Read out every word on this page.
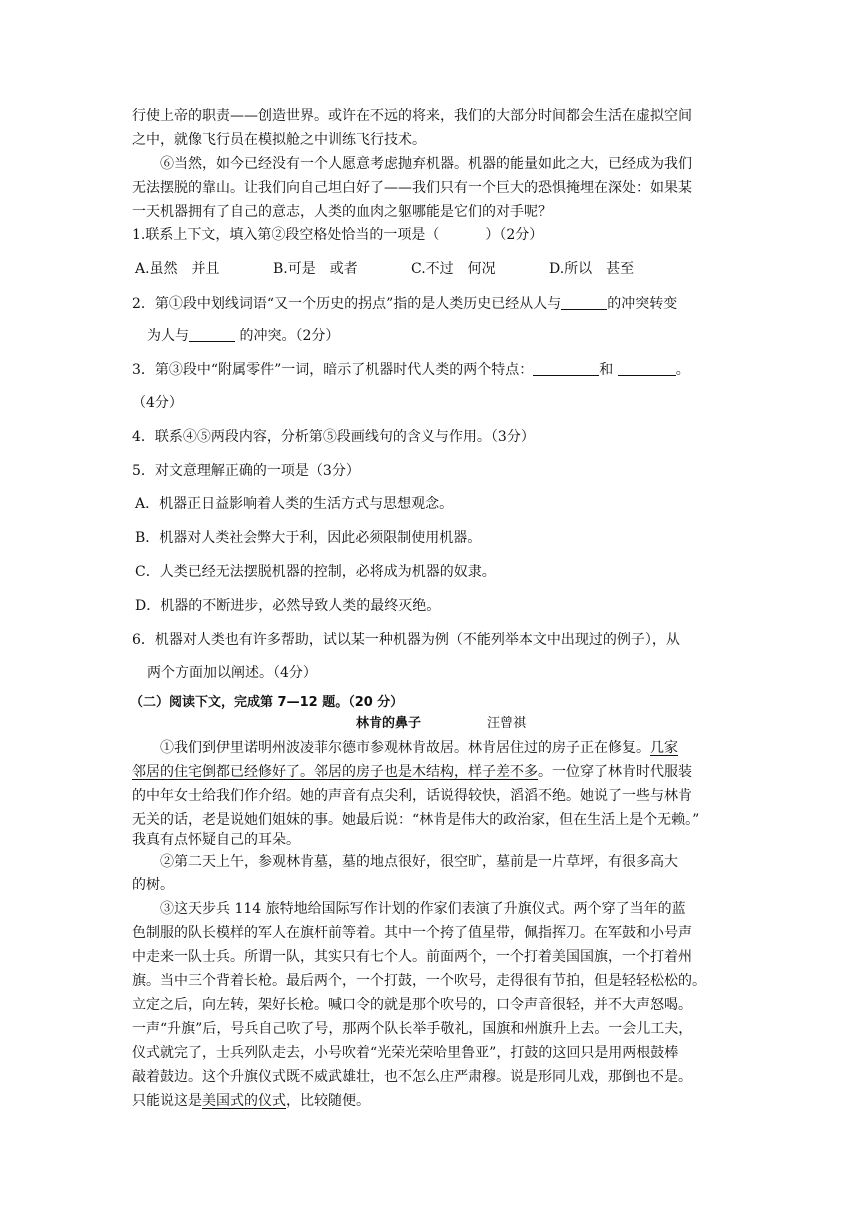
行使上帝的职责——创造世界。或许在不远的将来，我们的大部分时间都会生活在虚拟空间
之中，就像飞行员在模拟舱之中训练飞行技术。
⑥当然，如今已经没有一个人愿意考虑抛弃机器。机器的能量如此之大，已经成为我们
无法摆脱的靠山。让我们向自己坦白好了——我们只有一个巨大的恐惧掩埋在深处：如果某
一天机器拥有了自己的意志，人类的血肉之躯哪能是它们的对手呢？
1.联系上下文，填入第②段空格处恰当的一项是（	）（2分）
A.虽然　并且	B.可是　或者	C.不过　何况	D.所以　甚至
2．第①段中划线词语“又一个历史的拐点”指的是人类历史已经从人与	的冲突转变
为人与	的冲突。（2分）
3．第③段中“附属零件”一词，暗示了机器时代人类的两个特点：	和	。
（4分）
4．联系④⑤两段内容，分析第⑤段画线句的含义与作用。（3分）
5．对文意理解正确的一项是（3分）
A．机器正日益影响着人类的生活方式与思想观念。
B．机器对人类社会弊大于利，因此必须限制使用机器。
C．人类已经无法摆脱机器的控制，必将成为机器的奴隶。
D．机器的不断进步，必然导致人类的最终灭绝。
6．机器对人类也有许多帮助，试以某一种机器为例（不能列举本文中出现过的例子），从
两个方面加以阐述。（4分）
（二）阅读下文，完成第 7—12 题。（20 分）
林肯的鼻子	汪曾祺
①我们到伊里诺明州波凌菲尔德市参观林肯故居。林肯居住过的房子正在修复。几家
邻居的住宅倒都已经修好了。邻居的房子也是木结构，样子差不多。一位穿了林肯时代服装
的中年女士给我们作介绍。她的声音有点尖利，话说得较快，滔滔不绝。她说了一些与林肯
无关的话，老是说她们姐妹的事。她最后说：“林肯是伟大的政治家，但在生活上是个无赖。”
我真有点怀疑自己的耳朵。
②第二天上午，参观林肯墓，墓的地点很好，很空旷，墓前是一片草坪，有很多高大
的树。
③这天步兵 114 旅特地给国际写作计划的作家们表演了升旗仪式。两个穿了当年的蓝
色制服的队长模样的军人在旗杆前等着。其中一个挎了值星带，佩指挥刀。在军鼓和小号声
中走来一队士兵。所谓一队，其实只有七个人。前面两个，一个打着美国国旗，一个打着州
旗。当中三个背着长枪。最后两个，一个打鼓，一个吹号，走得很有节拍，但是轻轻松松的。
立定之后，向左转，架好长枪。喊口令的就是那个吹号的，口令声音很轻，并不大声怒喝。
一声“升旗”后，号兵自己吹了号，那两个队长举手敬礼，国旗和州旗升上去。一会儿工夫，
仪式就完了，士兵列队走去，小号吹着“光荣光荣哈里鲁亚”，打鼓的这回只是用两根鼓棒
敲着鼓边。这个升旗仪式既不威武雄壮，也不怎么庄严肃穆。说是形同儿戏，那倒也不是。
只能说这是美国式的仪式，比较随便。
